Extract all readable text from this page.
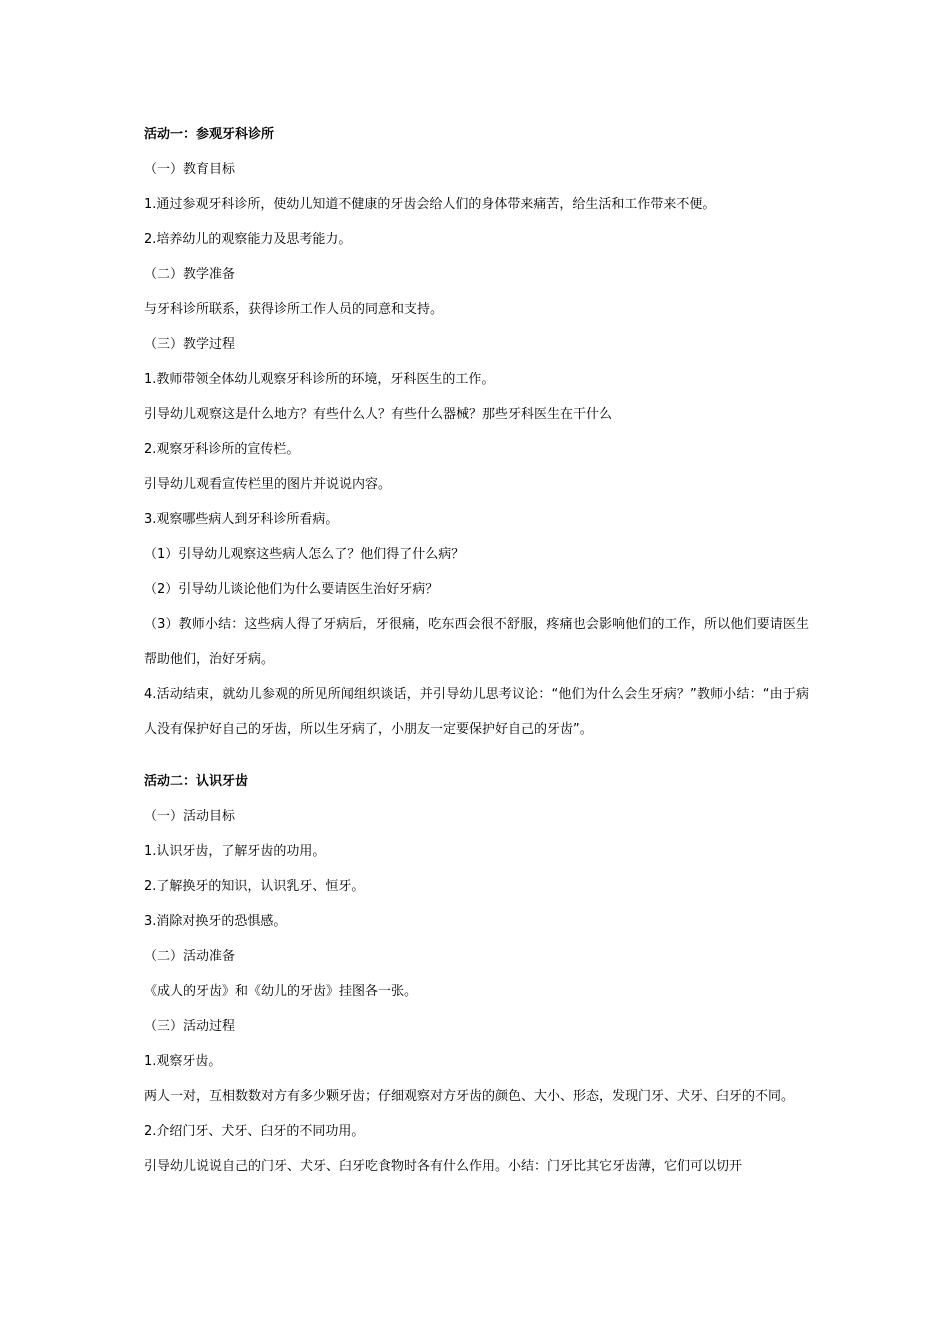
活动一：参观牙科诊所
（一）教育目标
1.通过参观牙科诊所，使幼儿知道不健康的牙齿会给人们的身体带来痛苦，给生活和工作带来不便。
2.培养幼儿的观察能力及思考能力。
（二）教学准备
与牙科诊所联系，获得诊所工作人员的同意和支持。
（三）教学过程
1.教师带领全体幼儿观察牙科诊所的环境，牙科医生的工作。
引导幼儿观察这是什么地方？有些什么人？有些什么器械？那些牙科医生在干什么
2.观察牙科诊所的宣传栏。
引导幼儿观看宣传栏里的图片并说说内容。
3.观察哪些病人到牙科诊所看病。
（1）引导幼儿观察这些病人怎么了？他们得了什么病？
（2）引导幼儿谈论他们为什么要请医生治好牙病？
（3）教师小结：这些病人得了牙病后，牙很痛，吃东西会很不舒服，疼痛也会影响他们的工作，所以他们要请医生帮助他们，治好牙病。
4.活动结束，就幼儿参观的所见所闻组织谈话，并引导幼儿思考议论：“他们为什么会生牙病？”教师小结：“由于病人没有保护好自己的牙齿，所以生牙病了，小朋友一定要保护好自己的牙齿”。
活动二：认识牙齿
（一）活动目标
1.认识牙齿，了解牙齿的功用。
2.了解换牙的知识，认识乳牙、恒牙。
3.消除对换牙的恐惧感。
（二）活动准备
《成人的牙齿》和《幼儿的牙齿》挂图各一张。
（三）活动过程
1.观察牙齿。
两人一对，互相数数对方有多少颗牙齿；仔细观察对方牙齿的颜色、大小、形态，发现门牙、犬牙、臼牙的不同。
2.介绍门牙、犬牙、臼牙的不同功用。
引导幼儿说说自己的门牙、犬牙、臼牙吃食物时各有什么作用。小结：门牙比其它牙齿薄，它们可以切开
